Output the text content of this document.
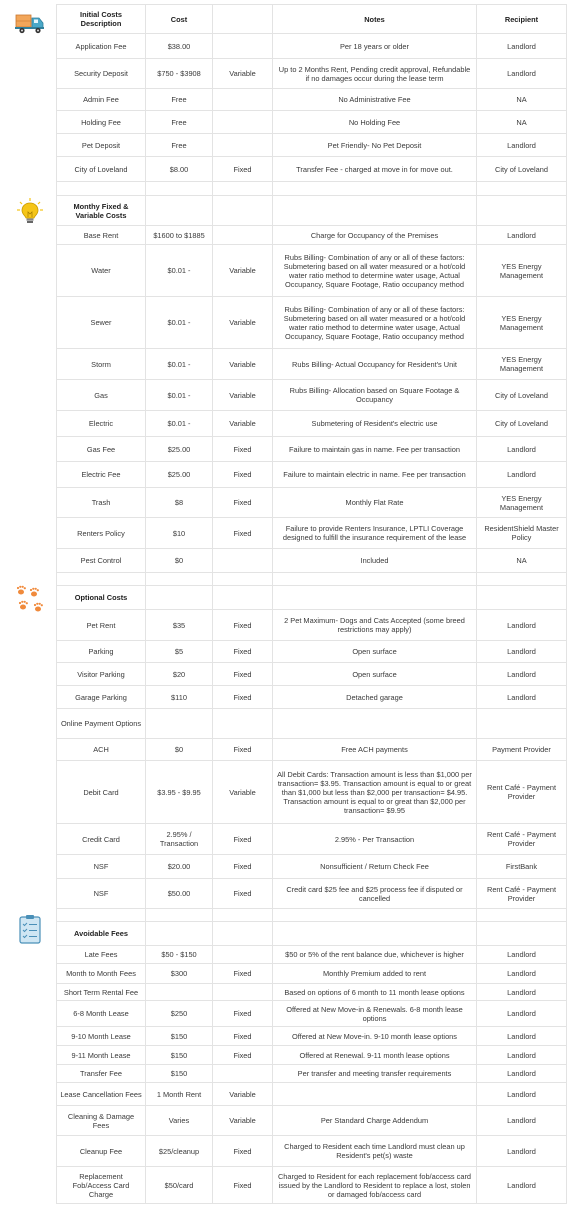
Initial Costs Description	Cost		Notes	Recipient
Application Fee	$38.00		Per 18 years or older	Landlord
Security Deposit	$750 - $3908	Variable	Up to 2 Months Rent, Pending credit approval, Refundable if no damages occur during the lease term	Landlord
Admin Fee	Free		No Administrative Fee	NA
Holding Fee	Free		No Holding Fee	NA
Pet Deposit	Free		Pet Friendly- No Pet Deposit	Landlord
City of Loveland	$8.00	Fixed	Transfer Fee - charged at move in for move out.	City of Loveland

Monthy Fixed & Variable Costs				
Base Rent	$1600 to $1885		Charge for Occupancy of the Premises	Landlord
Water	$0.01 -	Variable	Rubs Billing- Combination of any or all of these factors: Submetering based on all water measured or a hot/cold water ratio method to determine water usage, Actual Occupancy, Square Footage, Ratio occupancy method	YES Energy Management
Sewer	$0.01 -	Variable	Rubs Billing- Combination of any or all of these factors: Submetering based on all water measured or a hot/cold water ratio method to determine water usage, Actual Occupancy, Square Footage, Ratio occupancy method	YES Energy Management
Storm	$0.01 -	Variable	Rubs Billing- Actual Occupancy for Resident's Unit	YES Energy Management
Gas	$0.01 -	Variable	Rubs Billing- Allocation based on Square Footage & Occupancy	City of Loveland
Electric	$0.01 -	Variable	Submetering of Resident's electric use	City of Loveland
Gas Fee	$25.00	Fixed	Failure to maintain gas in name. Fee per transaction	Landlord
Electric Fee	$25.00	Fixed	Failure to maintain electric in name. Fee per transaction	Landlord
Trash	$8	Fixed	Monthly Flat Rate	YES Energy Management
Renters Policy	$10	Fixed	Failure to provide Renters Insurance, LPTLI Coverage designed to fulfill the insurance requirement of the lease	ResidentShield Master Policy
Pest Control	$0		Included	NA

Optional Costs				
Pet Rent	$35	Fixed	2 Pet Maximum- Dogs and Cats Accepted (some breed restrictions may apply)	Landlord
Parking	$5	Fixed	Open surface	Landlord
Visitor Parking	$20	Fixed	Open surface	Landlord
Garage Parking	$110	Fixed	Detached garage	Landlord
Online Payment Options				
ACH	$0	Fixed	Free ACH payments	Payment Provider
Debit Card	$3.95 - $9.95	Variable	All Debit Cards: Transaction amount is less than $1,000 per transaction= $3.95. Transaction amount is equal to or great than $1,000 but less than $2,000 per transaction= $4.95. Transaction amount is equal to or great than $2,000 per transaction= $9.95	Rent Café - Payment Provider
Credit Card	2.95% / Transaction	Fixed	2.95% - Per Transaction	Rent Café - Payment Provider
NSF	$20.00	Fixed	Nonsufficient / Return Check Fee	FirstBank
NSF	$50.00	Fixed	Credit card $25 fee and $25 process fee if disputed or cancelled	Rent Café - Payment Provider

Avoidable Fees				
Late Fees	$50 - $150		$50 or 5% of the rent balance due, whichever is higher	Landlord
Month to Month Fees	$300	Fixed	Monthly Premium added to rent	Landlord
Short Term Rental Fee			Based on options of 6 month to 11 month lease options	Landlord
6-8 Month Lease	$250	Fixed	Offered at New Move-in & Renewals. 6-8 month lease options	Landlord
9-10 Month Lease	$150	Fixed	Offered at New Move-in. 9-10 month lease options	Landlord
9-11 Month Lease	$150	Fixed	Offered at Renewal. 9-11 month lease options	Landlord
Transfer Fee	$150		Per transfer and meeting transfer requirements	Landlord
Lease Cancellation Fees	1 Month Rent	Variable		Landlord
Cleaning & Damage Fees	Varies	Variable	Per Standard Charge Addendum	Landlord
Cleanup Fee	$25/cleanup	Fixed	Charged to Resident each time Landlord must clean up Resident's pet(s) waste	Landlord
Replacement Fob/Access Card Charge	$50/card	Fixed	Charged to Resident for each replacement fob/access card issued by the Landlord to Resident to replace a lost, stolen or damaged fob/access card	Landlord
